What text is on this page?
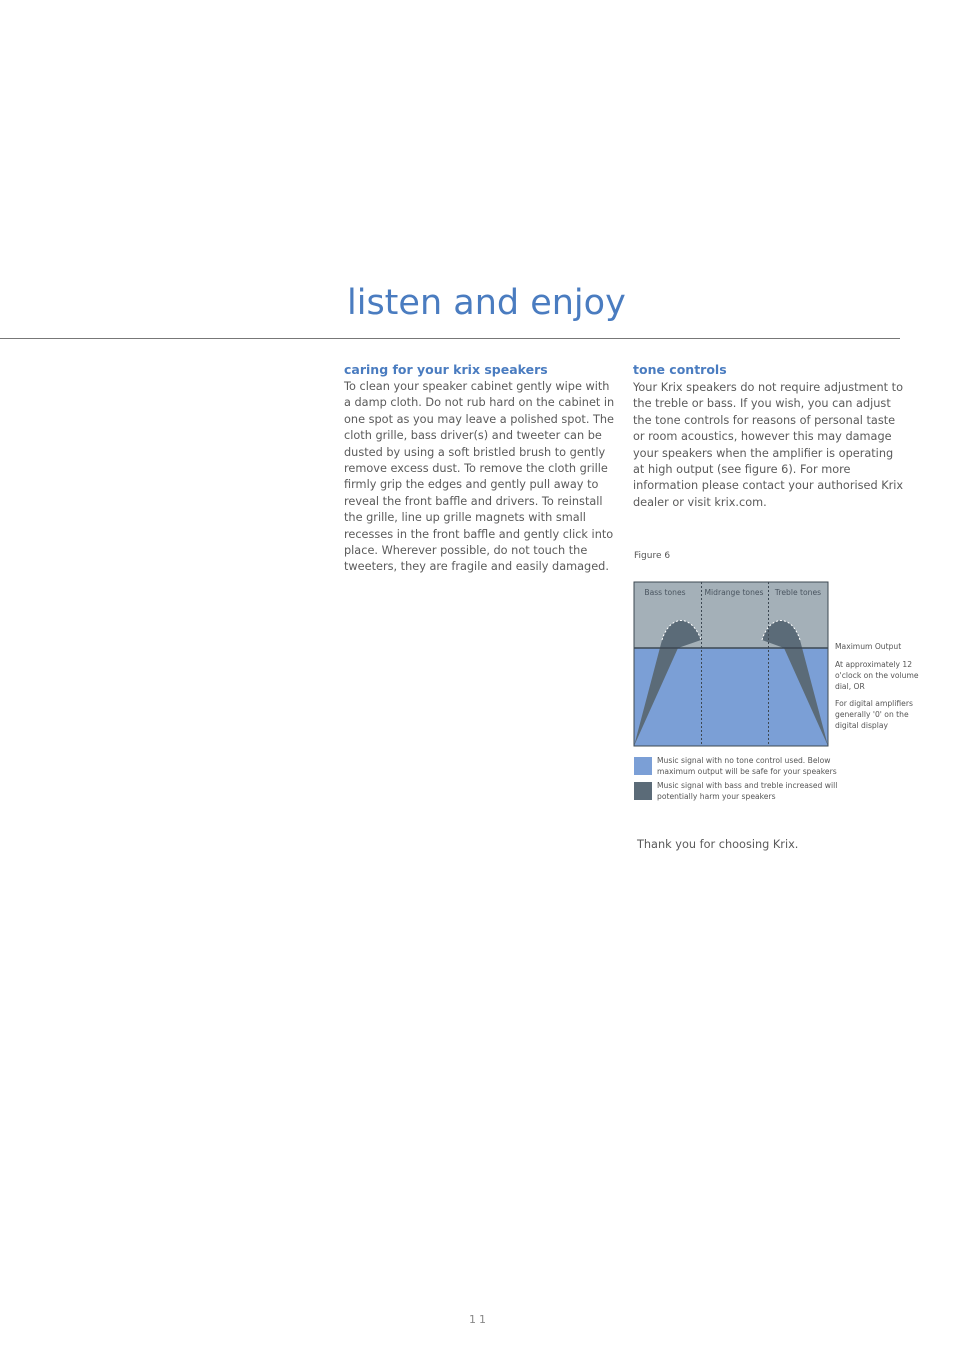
listen and enjoy
caring for your krix speakers

To clean your speaker cabinet gently wipe with a damp cloth. Do not rub hard on the cabinet in one spot as you may leave a polished spot. The cloth grille, bass driver(s) and tweeter can be dusted by using a soft bristled brush to gently remove excess dust. To remove the cloth grille firmly grip the edges and gently pull away to reveal the front baffle and drivers. To reinstall the grille, line up grille magnets with small recesses in the front baffle and gently click into place. Wherever possible, do not touch the tweeters, they are fragile and easily damaged.

tone controls

Your Krix speakers do not require adjustment to the treble or bass. If you wish, you can adjust the tone controls for reasons of personal taste or room acoustics, however this may damage your speakers when the amplifier is operating at high output (see figure 6). For more information please contact your authorised Krix dealer or visit krix.com.

Figure 6
Bass tones Midrange tones Treble tones
Maximum Output
At approximately 12 o'clock on the volume dial, OR
For digital amplifiers generally '0' on the digital display
Music signal with no tone control used. Below maximum output will be safe for your speakers
Music signal with bass and treble increased will potentially harm your speakers
Thank you for choosing Krix.
11
